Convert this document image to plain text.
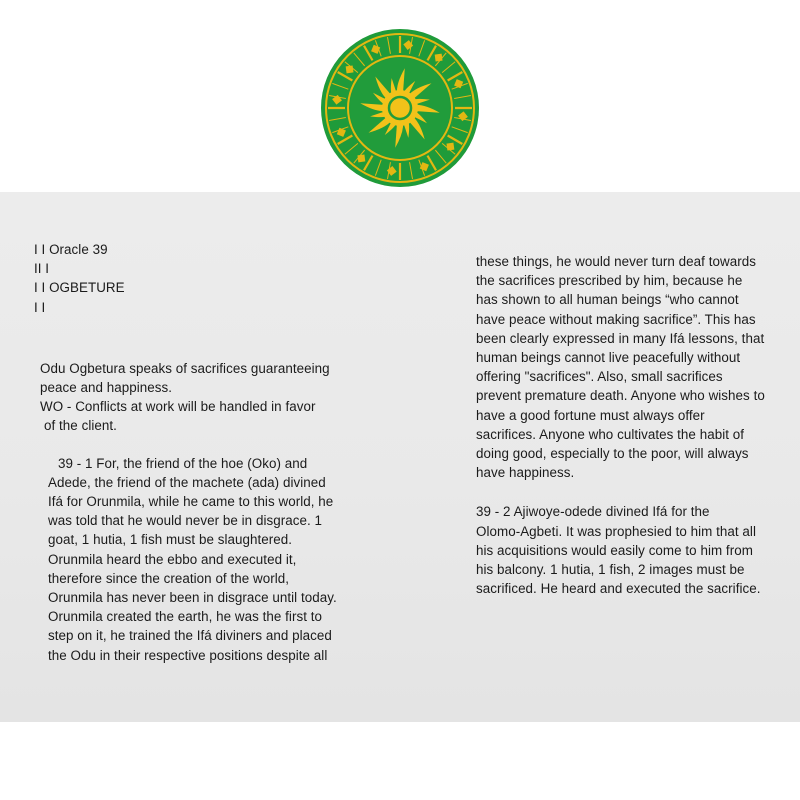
I I Oracle 39
II I
I I OGBETURE
I I
Odu Ogbetura speaks of sacrifices guaranteeing
peace and happiness.
WO - Conflicts at work will be handled in favor
of the client.
39 - 1 For, the friend of the hoe (Oko) and
Adede, the friend of the machete (ada) divined
Ifá for Orunmila, while he came to this world, he
was told that he would never be in disgrace. 1
goat, 1 hutia, 1 fish must be slaughtered.
Orunmila heard the ebbo and executed it,
therefore since the creation of the world,
Orunmila has never been in disgrace until today.
Orunmila created the earth, he was the first to
step on it, he trained the Ifá diviners and placed
the Odu in their respective positions despite all
these things, he would never turn deaf towards
the sacrifices prescribed by him, because he
has shown to all human beings “who cannot
have peace without making sacrifice”. This has
been clearly expressed in many Ifá lessons, that
human beings cannot live peacefully without
offering "sacrifices". Also, small sacrifices
prevent premature death. Anyone who wishes to
have a good fortune must always offer
sacrifices. Anyone who cultivates the habit of
doing good, especially to the poor, will always
have happiness.
39 - 2 Ajiwoye-odede divined Ifá for the
Olomo-Agbeti. It was prophesied to him that all
his acquisitions would easily come to him from
his balcony. 1 hutia, 1 fish, 2 images must be
sacrificed. He heard and executed the sacrifice.
